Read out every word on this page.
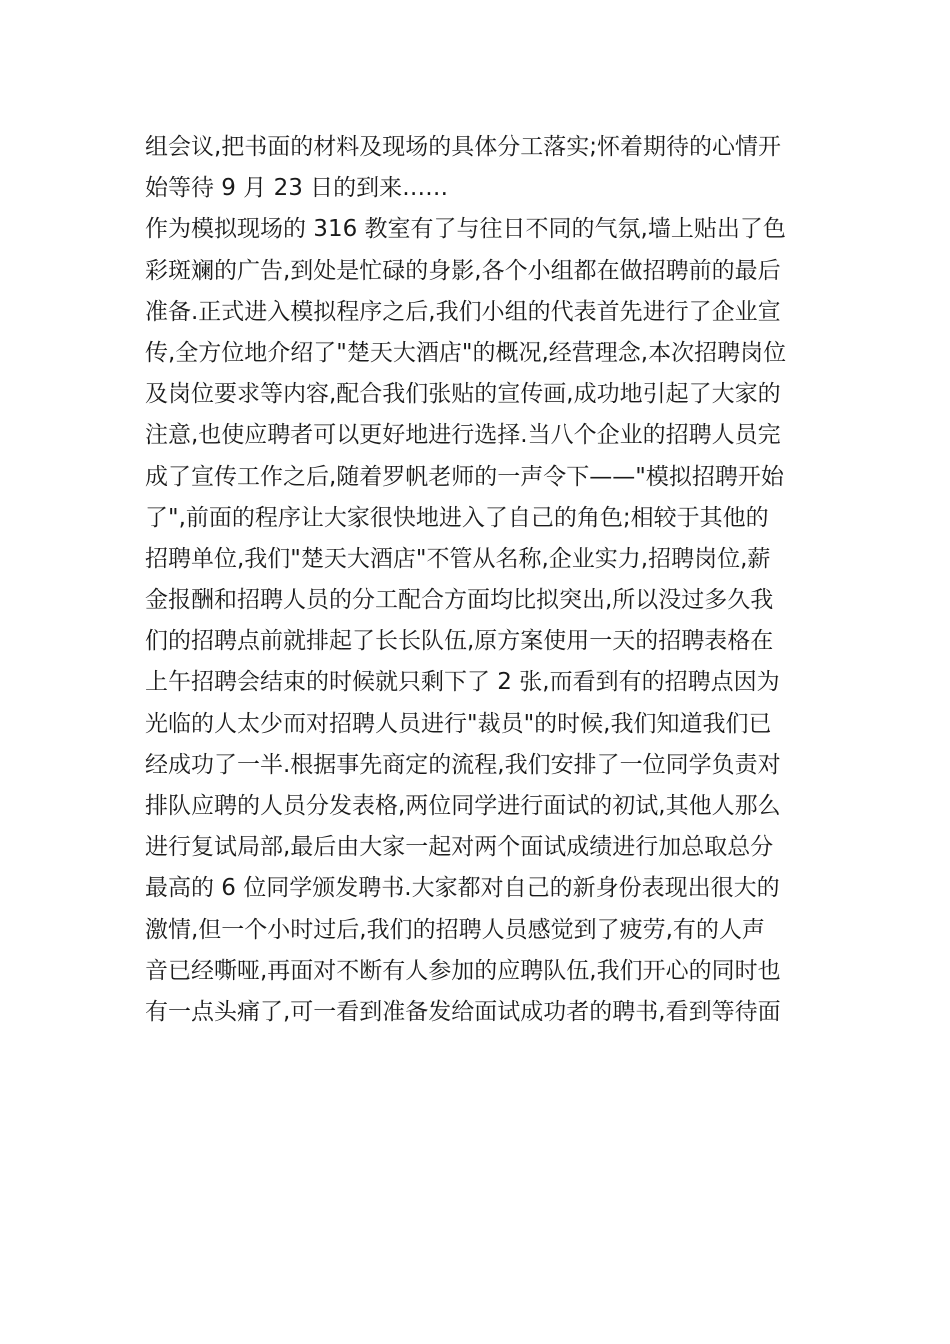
组会议,把书面的材料及现场的具体分工落实;怀着期待的心情开
始等待 9 月 23 日的到来……
作为模拟现场的 316 教室有了与往日不同的气氛,墙上贴出了色
彩斑斓的广告,到处是忙碌的身影,各个小组都在做招聘前的最后
准备.正式进入模拟程序之后,我们小组的代表首先进行了企业宣
传,全方位地介绍了"楚天大酒店"的概况,经营理念,本次招聘岗位
及岗位要求等内容,配合我们张贴的宣传画,成功地引起了大家的
注意,也使应聘者可以更好地进行选择.当八个企业的招聘人员完
成了宣传工作之后,随着罗帆老师的一声令下——"模拟招聘开始
了",前面的程序让大家很快地进入了自己的角色;相较于其他的
招聘单位,我们"楚天大酒店"不管从名称,企业实力,招聘岗位,薪
金报酬和招聘人员的分工配合方面均比拟突出,所以没过多久我
们的招聘点前就排起了长长队伍,原方案使用一天的招聘表格在
上午招聘会结束的时候就只剩下了 2 张,而看到有的招聘点因为
光临的人太少而对招聘人员进行"裁员"的时候,我们知道我们已
经成功了一半.根据事先商定的流程,我们安排了一位同学负责对
排队应聘的人员分发表格,两位同学进行面试的初试,其他人那么
进行复试局部,最后由大家一起对两个面试成绩进行加总取总分
最高的 6 位同学颁发聘书.大家都对自己的新身份表现出很大的
激情,但一个小时过后,我们的招聘人员感觉到了疲劳,有的人声
音已经嘶哑,再面对不断有人参加的应聘队伍,我们开心的同时也
有一点头痛了,可一看到准备发给面试成功者的聘书,看到等待面
